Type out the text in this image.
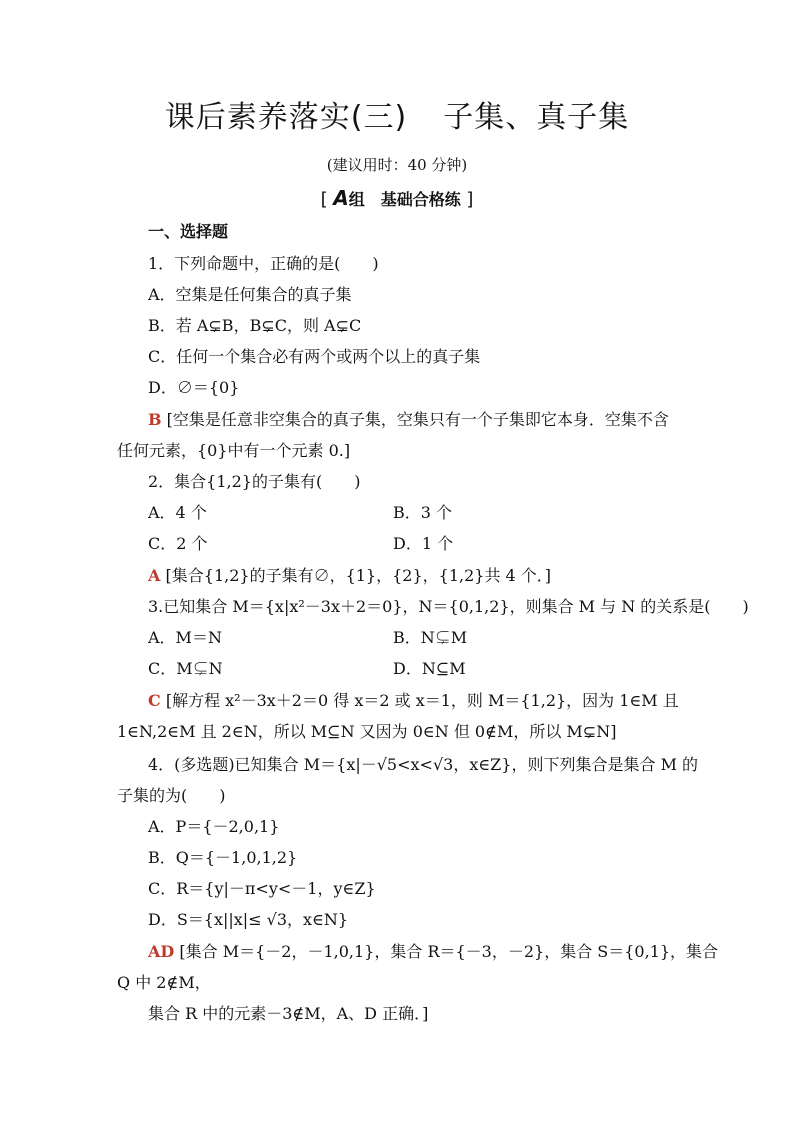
课后素养落实(三) 子集、真子集
(建议用时：40 分钟)
[ A组　基础合格练 ]
一、选择题
1．下列命题中，正确的是(　　)
A．空集是任何集合的真子集
B．若 A⊊B，B⊊C，则 A⊊C
C．任何一个集合必有两个或两个以上的真子集
D．∅＝{0}
B [空集是任意非空集合的真子集，空集只有一个子集即它本身．空集不含
任何元素，{0}中有一个元素 0.]
2．集合{1,2}的子集有(　　)
A．4 个	B．3 个
C．2 个	D．1 个
A [集合{1,2}的子集有∅，{1}，{2}，{1,2}共 4 个．]
3.已知集合 M＝{x|x²－3x＋2＝0}，N＝{0,1,2}，则集合 M 与 N 的关系是(　　)
A．M＝N	B．N⊊M
C．M⊊N	D．N⊆M
C [解方程 x²－3x＋2＝0 得 x＝2 或 x＝1，则 M＝{1,2}，因为 1∈M 且
1∈N,2∈M 且 2∈N，所以 M⊆N 又因为 0∈N 但 0∉M，所以 M⊊N]
4．(多选题)已知集合 M＝{x|－√5<x<√3，x∈Z}，则下列集合是集合 M 的
子集的为(　　)
A．P＝{－2,0,1}
B．Q＝{－1,0,1,2}
C．R＝{y|－π<y<－1，y∈Z}
D．S＝{x||x|≤ √3，x∈N}
AD [集合 M＝{－2，－1,0,1}，集合 R＝{－3，－2}，集合 S＝{0,1}，集合
Q 中 2∉M，
集合 R 中的元素－3∉M，A、D 正确．]
